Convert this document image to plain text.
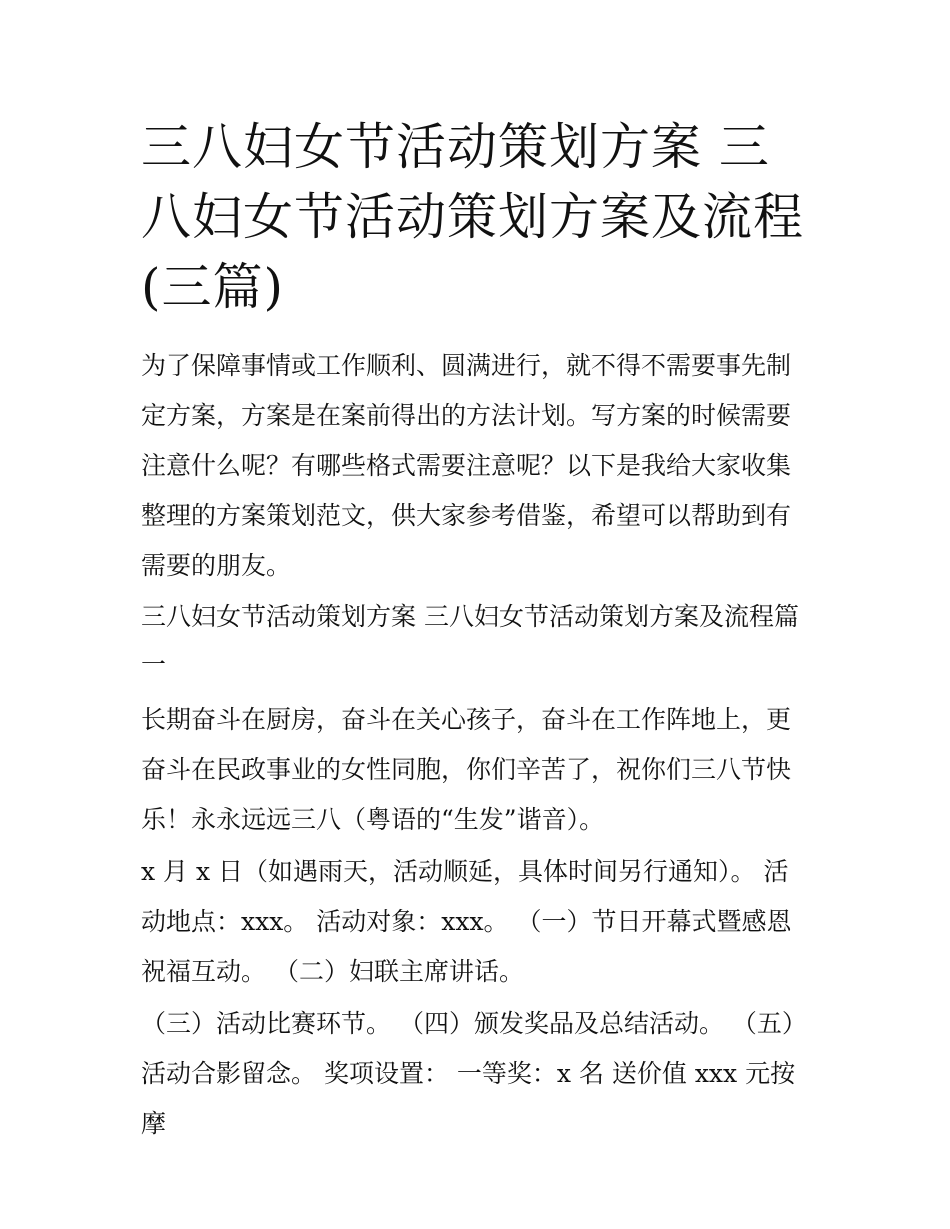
三八妇女节活动策划方案 三八妇女节活动策划方案及流程(三篇)

为了保障事情或工作顺利、圆满进行，就不得不需要事先制定方案，方案是在案前得出的方法计划。写方案的时候需要注意什么呢？有哪些格式需要注意呢？以下是我给大家收集整理的方案策划范文，供大家参考借鉴，希望可以帮助到有需要的朋友。

三八妇女节活动策划方案 三八妇女节活动策划方案及流程篇一

长期奋斗在厨房，奋斗在关心孩子，奋斗在工作阵地上，更奋斗在民政事业的女性同胞，你们辛苦了，祝你们三八节快乐！永永远远三八（粤语的“生发”谐音）。

x 月 x 日（如遇雨天，活动顺延，具体时间另行通知）。 活动地点：xxx。 活动对象：xxx。 （一）节日开幕式暨感恩祝福互动。 （二）妇联主席讲话。

（三）活动比赛环节。 （四）颁发奖品及总结活动。 （五）活动合影留念。 奖项设置： 一等奖：x 名 送价值 xxx 元按摩
